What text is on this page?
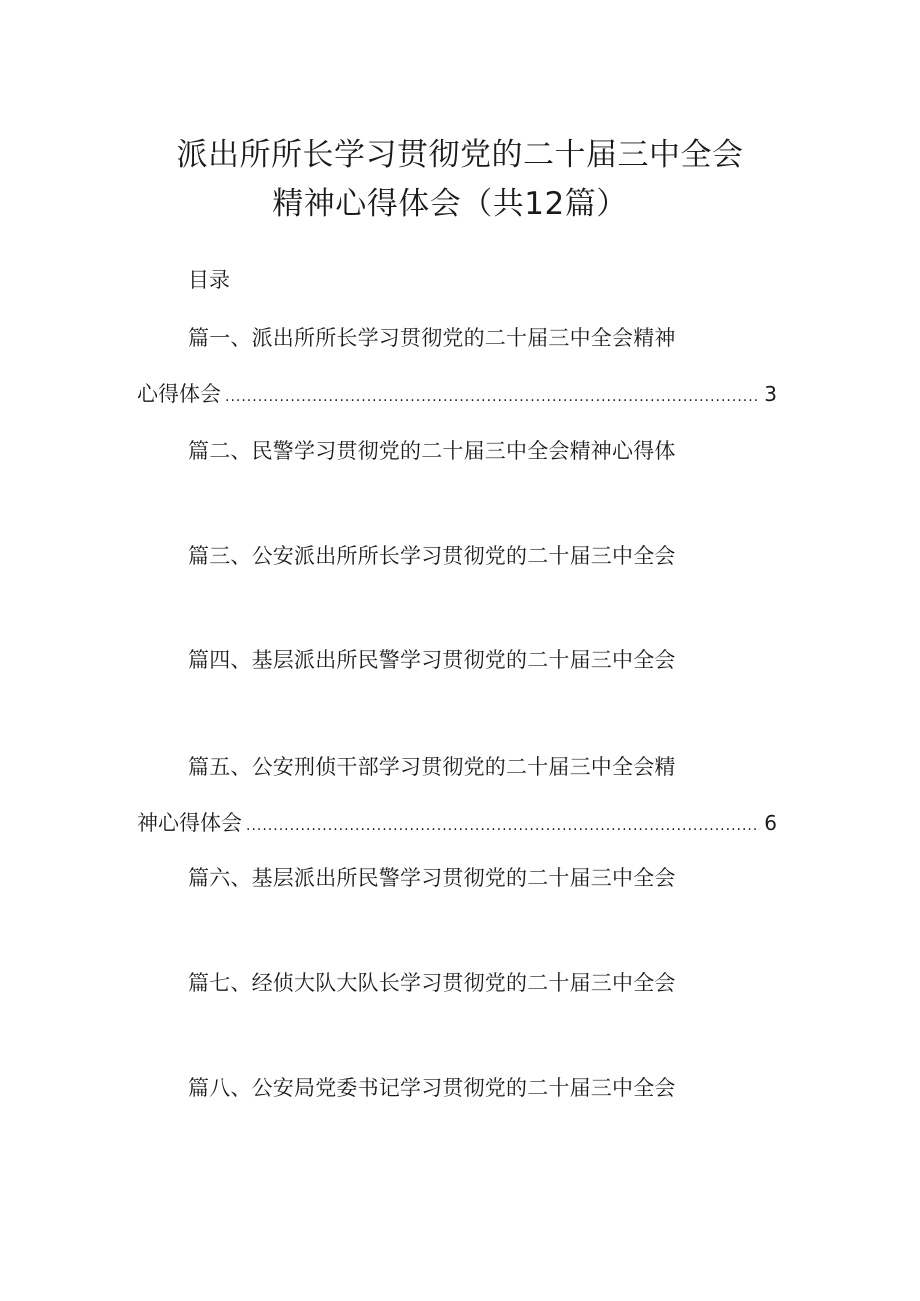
派出所所长学习贯彻党的二十届三中全会
精神心得体会（共12篇）
目录
篇一、派出所所长学习贯彻党的二十届三中全会精神
心得体会 .....	3
篇二、民警学习贯彻党的二十届三中全会精神心得体
篇三、公安派出所所长学习贯彻党的二十届三中全会
篇四、基层派出所民警学习贯彻党的二十届三中全会
篇五、公安刑侦干部学习贯彻党的二十届三中全会精
神心得体会 .....	6
篇六、基层派出所民警学习贯彻党的二十届三中全会
篇七、经侦大队大队长学习贯彻党的二十届三中全会
篇八、公安局党委书记学习贯彻党的二十届三中全会
